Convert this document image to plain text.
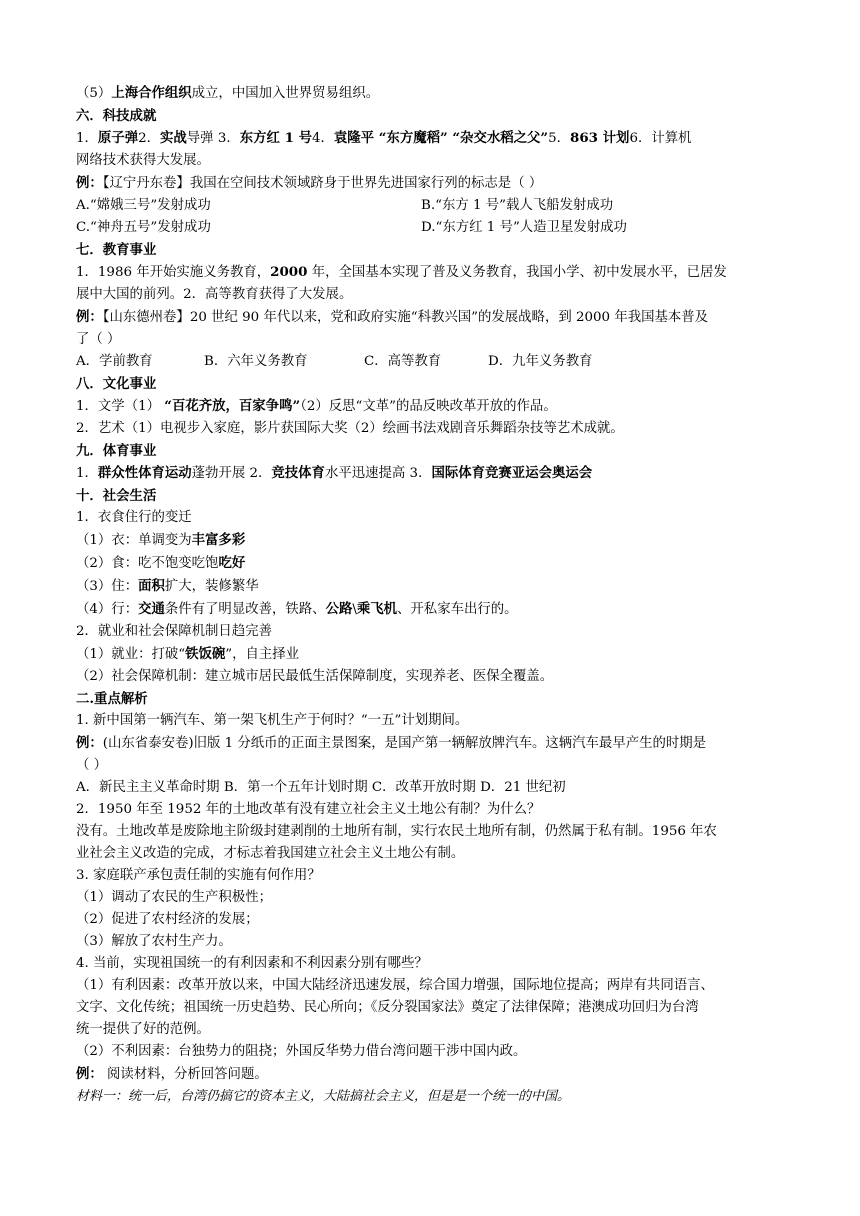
（5）上海合作组织成立，中国加入世界贸易组织。
六．科技成就
1．原子弹2．实战导弹 3．东方红 1 号4．袁隆平 “东方魔稻” “杂交水稻之父”5．863 计划6．计算机
网络技术获得大发展。
例：【辽宁丹东卷】我国在空间技术领域跻身于世界先进国家行列的标志是（ ）
A.“嫦娥三号”发射成功	B.“东方 1 号”载人飞船发射成功
C.“神舟五号”发射成功	D.“东方红 1 号”人造卫星发射成功
七．教育事业
1．1986 年开始实施义务教育，2000 年，全国基本实现了普及义务教育，我国小学、初中发展水平，已居发
展中大国的前列。2．高等教育获得了大发展。
例：【山东德州卷】20 世纪 90 年代以来，党和政府实施“科教兴国”的发展战略，到 2000 年我国基本普及
了（ ）
A．学前教育	B．六年义务教育	C．高等教育	D．九年义务教育
八．文化事业
1．文学（1） “百花齐放，百家争鸣”（2）反思“文革”的品反映改革开放的作品。
2．艺术（1）电视步入家庭，影片获国际大奖（2）绘画书法戏剧音乐舞蹈杂技等艺术成就。
九．体育事业
1．群众性体育运动蓬勃开展 2．竞技体育水平迅速提高 3．国际体育竞赛亚运会奥运会
十．社会生活
1．衣食住行的变迁
（1）衣：单调变为丰富多彩
（2）食：吃不饱变吃饱吃好
（3）住：面积扩大，装修繁华
（4）行：交通条件有了明显改善，铁路、公路\乘飞机、开私家车出行的。
2．就业和社会保障机制日趋完善
（1）就业：打破“铁饭碗”，自主择业
（2）社会保障机制：建立城市居民最低生活保障制度，实现养老、医保全覆盖。
二.重点解析
1. 新中国第一辆汽车、第一架飞机生产于何时？“一五”计划期间。
例：(山东省泰安卷)旧版 1 分纸币的正面主景图案，是国产第一辆解放牌汽车。这辆汽车最早产生的时期是
（ ）
A．新民主主义革命时期 B．第一个五年计划时期 C．改革开放时期 D．21 世纪初
2．1950 年至 1952 年的土地改革有没有建立社会主义土地公有制？为什么？
没有。土地改革是废除地主阶级封建剥削的土地所有制，实行农民土地所有制，仍然属于私有制。1956 年农
业社会主义改造的完成，才标志着我国建立社会主义土地公有制。
3. 家庭联产承包责任制的实施有何作用？
（1）调动了农民的生产积极性；
（2）促进了农村经济的发展；
（3）解放了农村生产力。
4. 当前，实现祖国统一的有利因素和不利因素分别有哪些？
（1）有利因素：改革开放以来，中国大陆经济迅速发展，综合国力增强，国际地位提高；两岸有共同语言、
文字、文化传统；祖国统一历史趋势、民心所向；《反分裂国家法》奠定了法律保障；港澳成功回归为台湾
统一提供了好的范例。
（2）不利因素：台独势力的阻挠；外国反华势力借台湾问题干涉中国内政。
例： 阅读材料，分析回答问题。
材料一：统一后，台湾仍搞它的资本主义，大陆搞社会主义，但是是一个统一的中国。
